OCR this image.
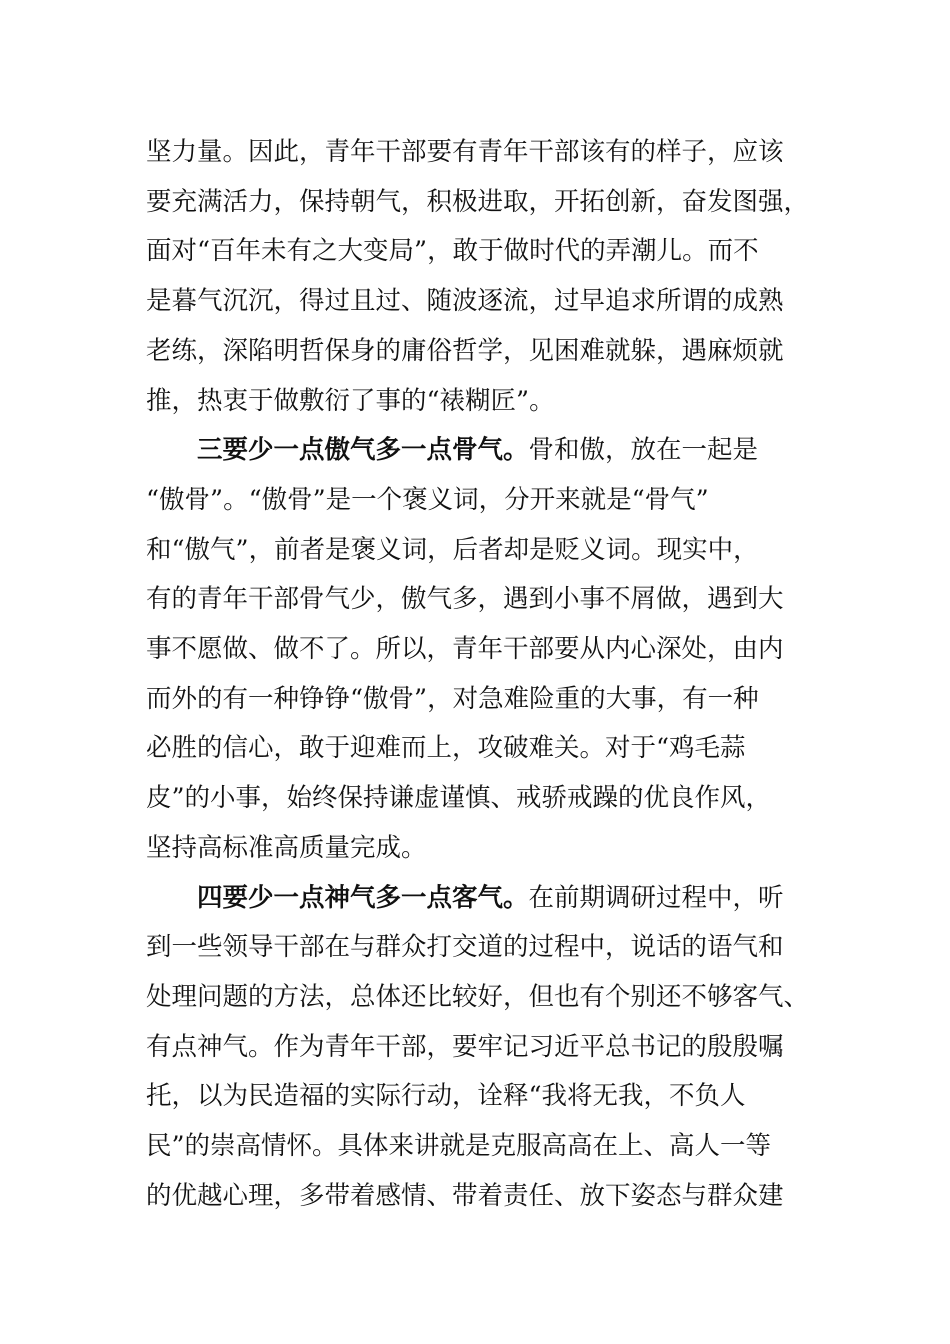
坚力量。因此，青年干部要有青年干部该有的样子，应该
要充满活力，保持朝气，积极进取，开拓创新，奋发图强，
面对“百年未有之大变局”，敢于做时代的弄潮儿。而不
是暮气沉沉，得过且过、随波逐流，过早追求所谓的成熟
老练，深陷明哲保身的庸俗哲学，见困难就躲，遇麻烦就
推，热衷于做敷衍了事的“裱糊匠”。
三要少一点傲气多一点骨气。骨和傲，放在一起是
“傲骨”。“傲骨”是一个褒义词，分开来就是“骨气”
和“傲气”，前者是褒义词，后者却是贬义词。现实中，
有的青年干部骨气少，傲气多，遇到小事不屑做，遇到大
事不愿做、做不了。所以，青年干部要从内心深处，由内
而外的有一种铮铮“傲骨”，对急难险重的大事，有一种
必胜的信心，敢于迎难而上，攻破难关。对于“鸡毛蒜
皮”的小事，始终保持谦虚谨慎、戒骄戒躁的优良作风，
坚持高标准高质量完成。
四要少一点神气多一点客气。在前期调研过程中，听
到一些领导干部在与群众打交道的过程中，说话的语气和
处理问题的方法，总体还比较好，但也有个别还不够客气、
有点神气。作为青年干部，要牢记习近平总书记的殷殷嘱
托，以为民造福的实际行动，诠释“我将无我，不负人
民”的崇高情怀。具体来讲就是克服高高在上、高人一等
的优越心理，多带着感情、带着责任、放下姿态与群众建
